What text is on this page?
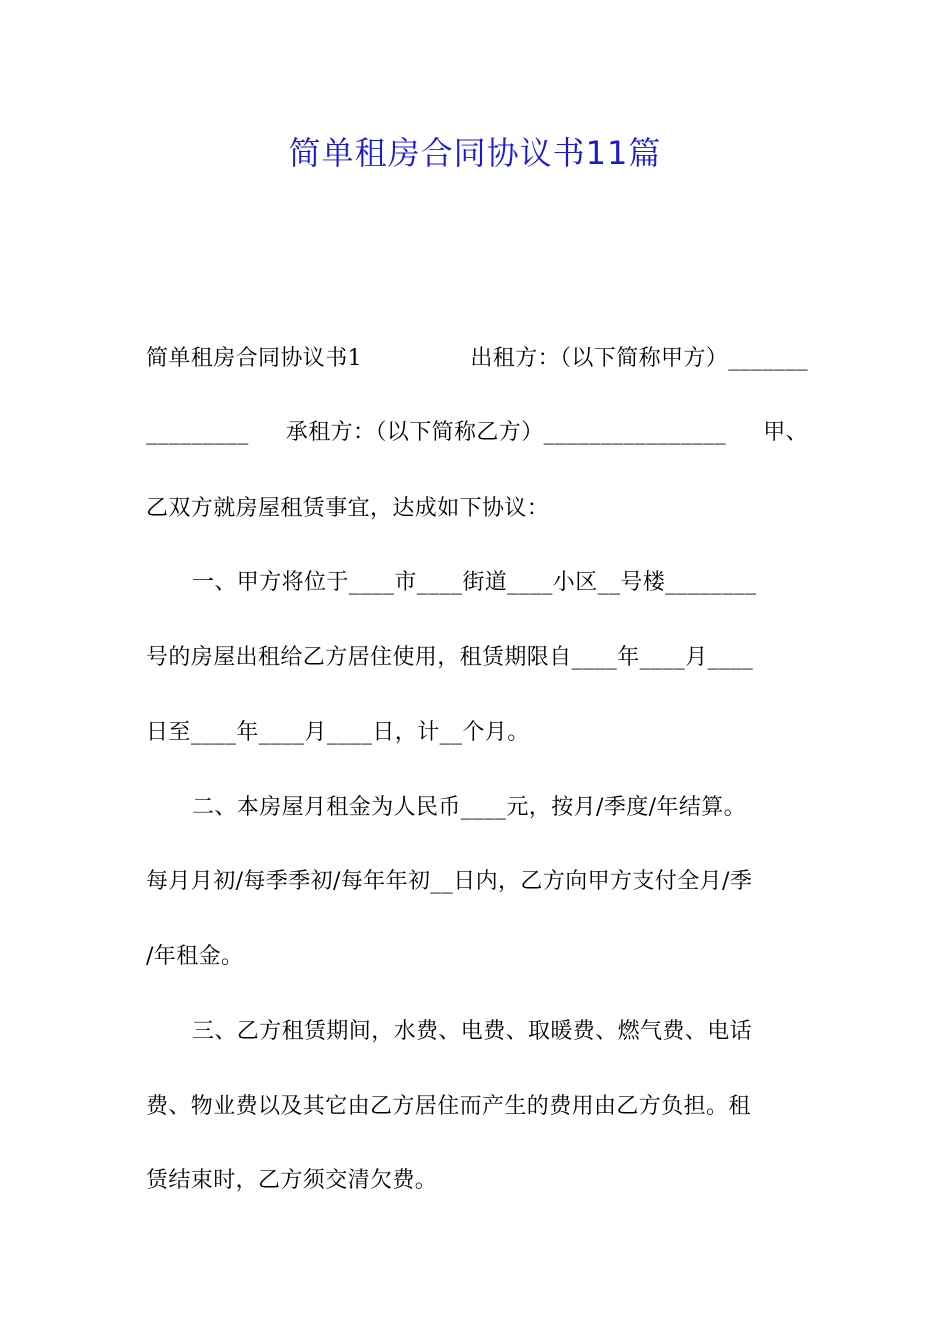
简单租房合同协议书11篇
简单租房合同协议书1	出租方：（以下简称甲方）_______
_________ 承租方：（以下简称乙方）________________ 甲、
乙双方就房屋租赁事宜，达成如下协议：
一、甲方将位于____市____街道____小区__号楼________
号的房屋出租给乙方居住使用，租赁期限自____年____月____
日至____年____月____日，计__个月。
二、本房屋月租金为人民币____元，按月/季度/年结算。
每月月初/每季季初/每年年初__日内，乙方向甲方支付全月/季
/年租金。
三、乙方租赁期间，水费、电费、取暖费、燃气费、电话
费、物业费以及其它由乙方居住而产生的费用由乙方负担。租
赁结束时，乙方须交清欠费。
